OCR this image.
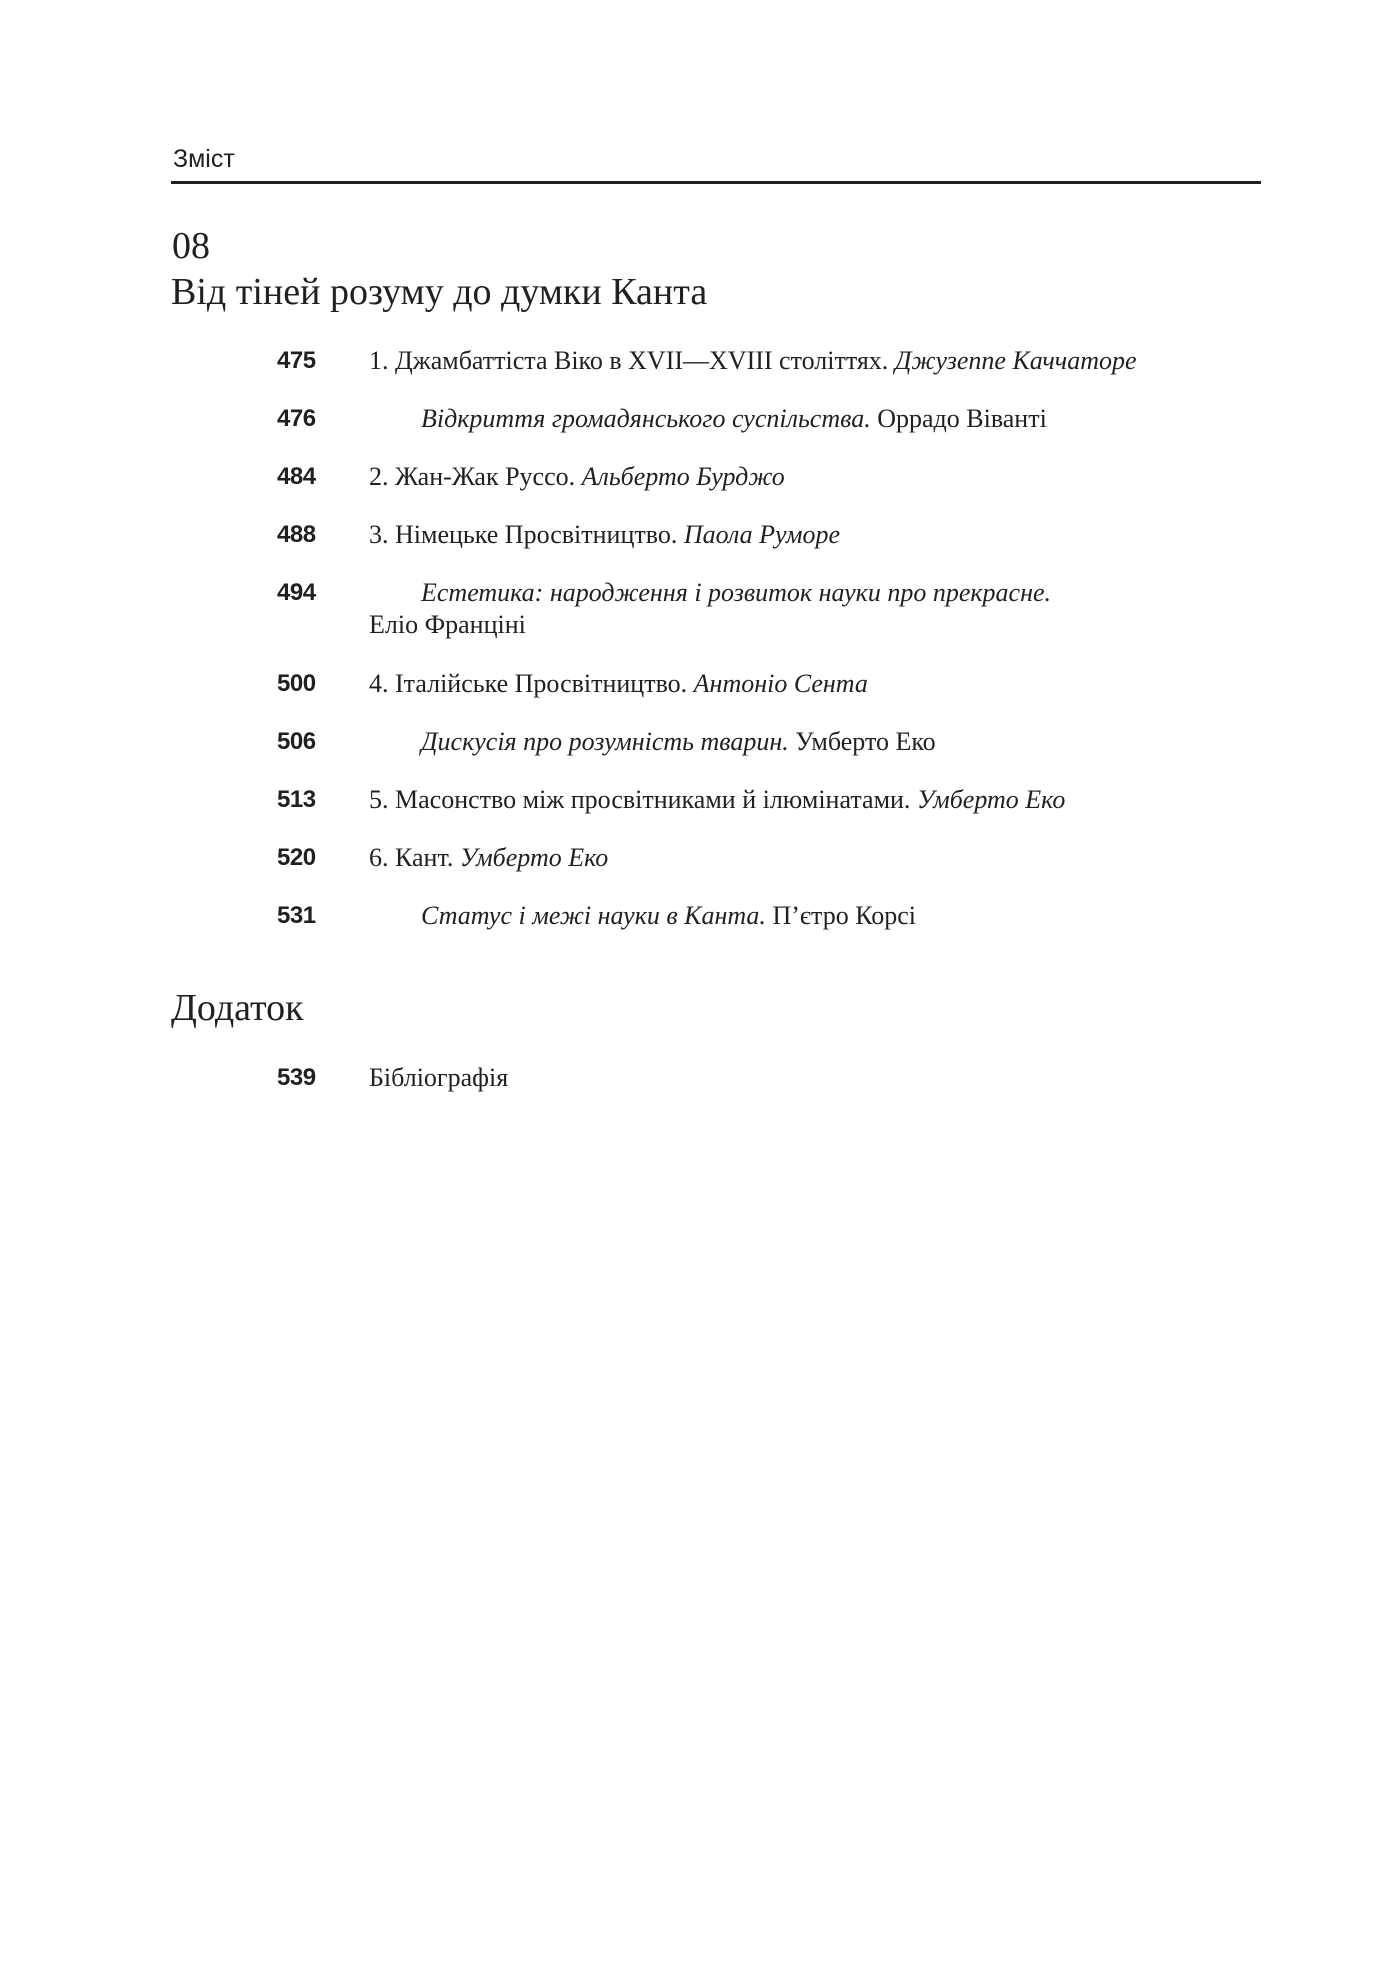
Зміст
08
Від тіней розуму до думки Канта
475 1. Джамбаттіста Віко в XVII—XVIII століттях. Джузеппе Каччаторе
476	Відкриття громадянського суспільства. Оррадо Віванті
484 2. Жан-Жак Руссо. Альберто Бурджо
488 3. Німецьке Просвітництво. Паола Руморе
494	Естетика: народження і розвиток науки про прекрасне.
Еліо Франціні
500 4. Італійське Просвітництво. Антоніо Сента
506	Дискусія про розумність тварин. Умберто Еко
513 5. Масонство між просвітниками й ілюмінатами. Умберто Еко
520 6. Кант. Умберто Еко
531	Статус і межі науки в Канта. П’єтро Корсі
Додаток
539 Бібліографія
